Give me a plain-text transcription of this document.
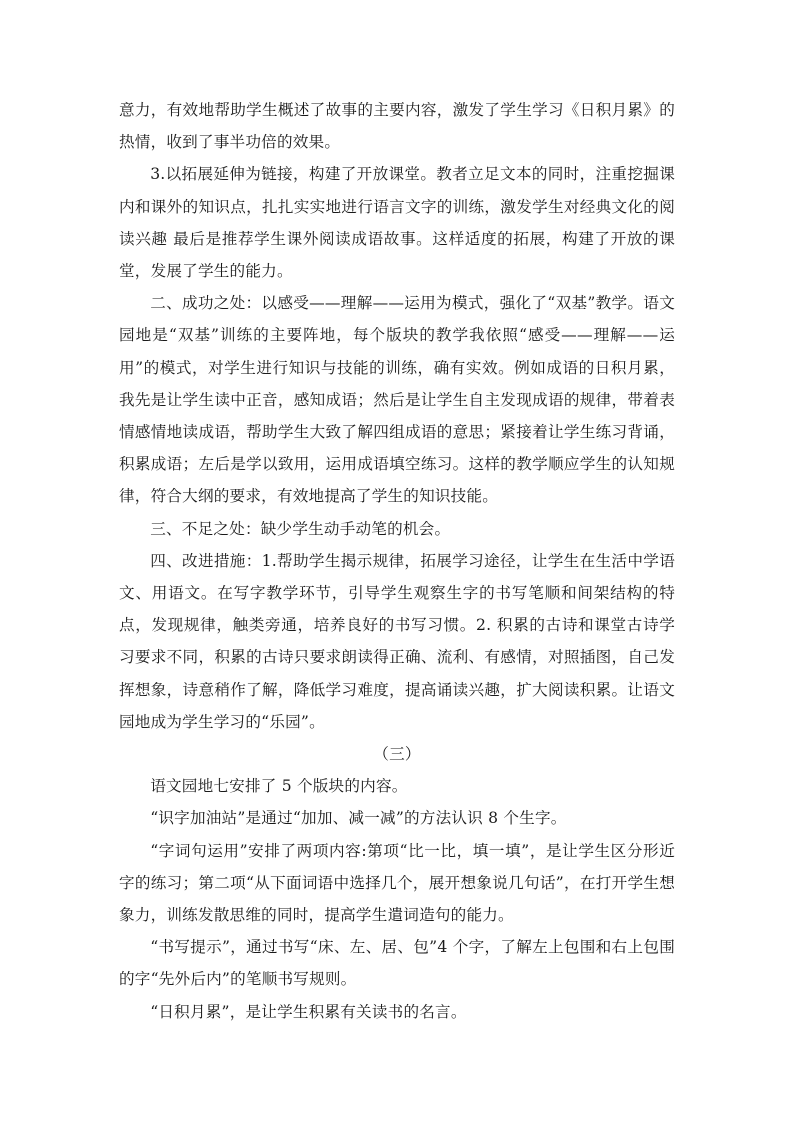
意力，有效地帮助学生概述了故事的主要内容，激发了学生学习《日积月累》的热情，收到了事半功倍的效果。

3.以拓展延伸为链接，构建了开放课堂。教者立足文本的同时，注重挖掘课内和课外的知识点，扎扎实实地进行语言文字的训练，激发学生对经典文化的阅读兴趣 最后是推荐学生课外阅读成语故事。这样适度的拓展，构建了开放的课堂，发展了学生的能力。

二、成功之处：以感受——理解——运用为模式，强化了“双基”教学。语文园地是“双基”训练的主要阵地，每个版块的教学我依照“感受——理解——运用”的模式，对学生进行知识与技能的训练，确有实效。例如成语的日积月累，我先是让学生读中正音，感知成语；然后是让学生自主发现成语的规律，带着表情感情地读成语，帮助学生大致了解四组成语的意思；紧接着让学生练习背诵，积累成语；左后是学以致用，运用成语填空练习。这样的教学顺应学生的认知规律，符合大纲的要求，有效地提高了学生的知识技能。

三、不足之处：缺少学生动手动笔的机会。

四、改进措施：1.帮助学生揭示规律，拓展学习途径，让学生在生活中学语文、用语文。在写字教学环节，引导学生观察生字的书写笔顺和间架结构的特点，发现规律，触类旁通，培养良好的书写习惯。2. 积累的古诗和课堂古诗学习要求不同，积累的古诗只要求朗读得正确、流利、有感情，对照插图，自己发挥想象，诗意稍作了解，降低学习难度，提高诵读兴趣，扩大阅读积累。让语文园地成为学生学习的“乐园”。

（三）

语文园地七安排了 5 个版块的内容。

“识字加油站”是通过“加加、减一减”的方法认识 8 个生字。

“字词句运用”安排了两项内容:第项“比一比，填一填”，是让学生区分形近字的练习；第二项“从下面词语中选择几个，展开想象说几句话”，在打开学生想象力，训练发散思维的同时，提高学生遣词造句的能力。

“书写提示”，通过书写“床、左、居、包”4 个字，了解左上包围和右上包围的字“先外后内”的笔顺书写规则。

“日积月累”，是让学生积累有关读书的名言。
